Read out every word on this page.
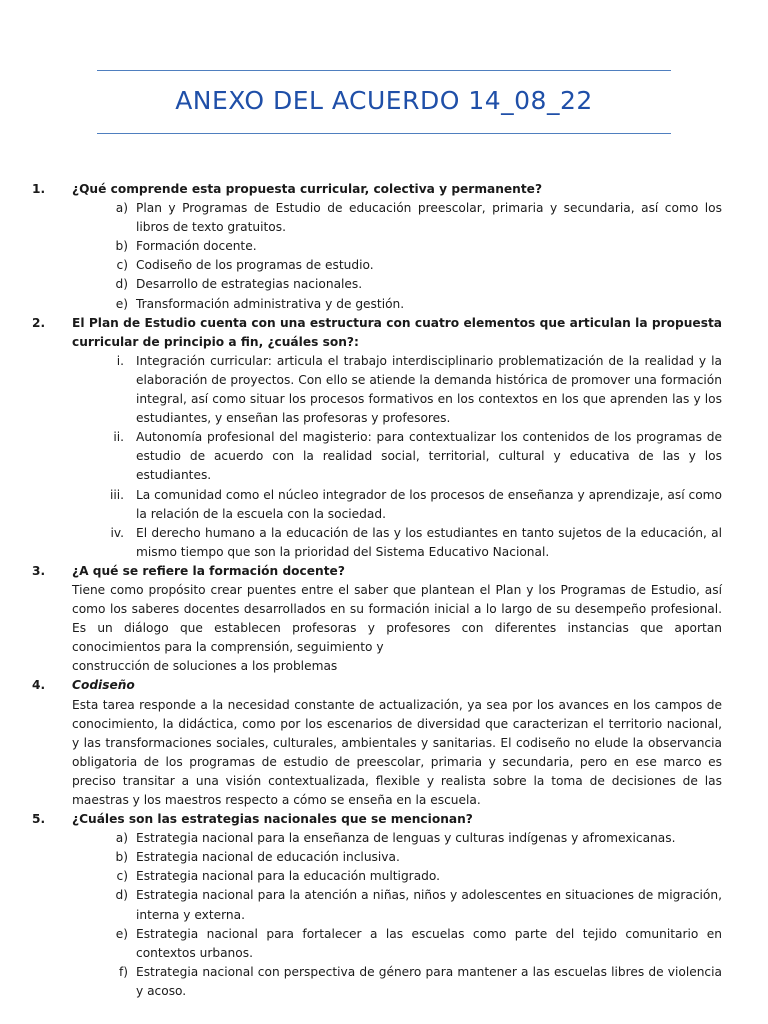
ANEXO DEL ACUERDO 14_08_22
1.	¿Qué comprende esta propuesta curricular, colectiva y permanente?
a) Plan y Programas de Estudio de educación preescolar, primaria y secundaria, así como los libros de texto gratuitos.
b) Formación docente.
c) Codiseño de los programas de estudio.
d) Desarrollo de estrategias nacionales.
e) Transformación administrativa y de gestión.
2.	El Plan de Estudio cuenta con una estructura con cuatro elementos que articulan la propuesta curricular de principio a fin, ¿cuáles son?:
i. Integración curricular: articula el trabajo interdisciplinario problematización de la realidad y la elaboración de proyectos. Con ello se atiende la demanda histórica de promover una formación integral, así como situar los procesos formativos en los contextos en los que aprenden las y los estudiantes, y enseñan las profesoras y profesores.
ii. Autonomía profesional del magisterio: para contextualizar los contenidos de los programas de estudio de acuerdo con la realidad social, territorial, cultural y educativa de las y los estudiantes.
iii. La comunidad como el núcleo integrador de los procesos de enseñanza y aprendizaje, así como la relación de la escuela con la sociedad.
iv. El derecho humano a la educación de las y los estudiantes en tanto sujetos de la educación, al mismo tiempo que son la prioridad del Sistema Educativo Nacional.
3.	¿A qué se refiere la formación docente?
Tiene como propósito crear puentes entre el saber que plantean el Plan y los Programas de Estudio, así como los saberes docentes desarrollados en su formación inicial a lo largo de su desempeño profesional. Es un diálogo que establecen profesoras y profesores con diferentes instancias que aportan conocimientos para la comprensión, seguimiento y
construcción de soluciones a los problemas
4.	Codiseño
Esta tarea responde a la necesidad constante de actualización, ya sea por los avances en los campos de conocimiento, la didáctica, como por los escenarios de diversidad que caracterizan el territorio nacional, y las transformaciones sociales, culturales, ambientales y sanitarias. El codiseño no elude la observancia obligatoria de los programas de estudio de preescolar, primaria y secundaria, pero en ese marco es preciso transitar a una visión contextualizada, flexible y realista sobre la toma de decisiones de las maestras y los maestros respecto a cómo se enseña en la escuela.
5.	¿Cuáles son las estrategias nacionales que se mencionan?
a) Estrategia nacional para la enseñanza de lenguas y culturas indígenas y afromexicanas.
b) Estrategia nacional de educación inclusiva.
c) Estrategia nacional para la educación multigrado.
d) Estrategia nacional para la atención a niñas, niños y adolescentes en situaciones de migración, interna y externa.
e) Estrategia nacional para fortalecer a las escuelas como parte del tejido comunitario en contextos urbanos.
f) Estrategia nacional con perspectiva de género para mantener a las escuelas libres de violencia y acoso.
